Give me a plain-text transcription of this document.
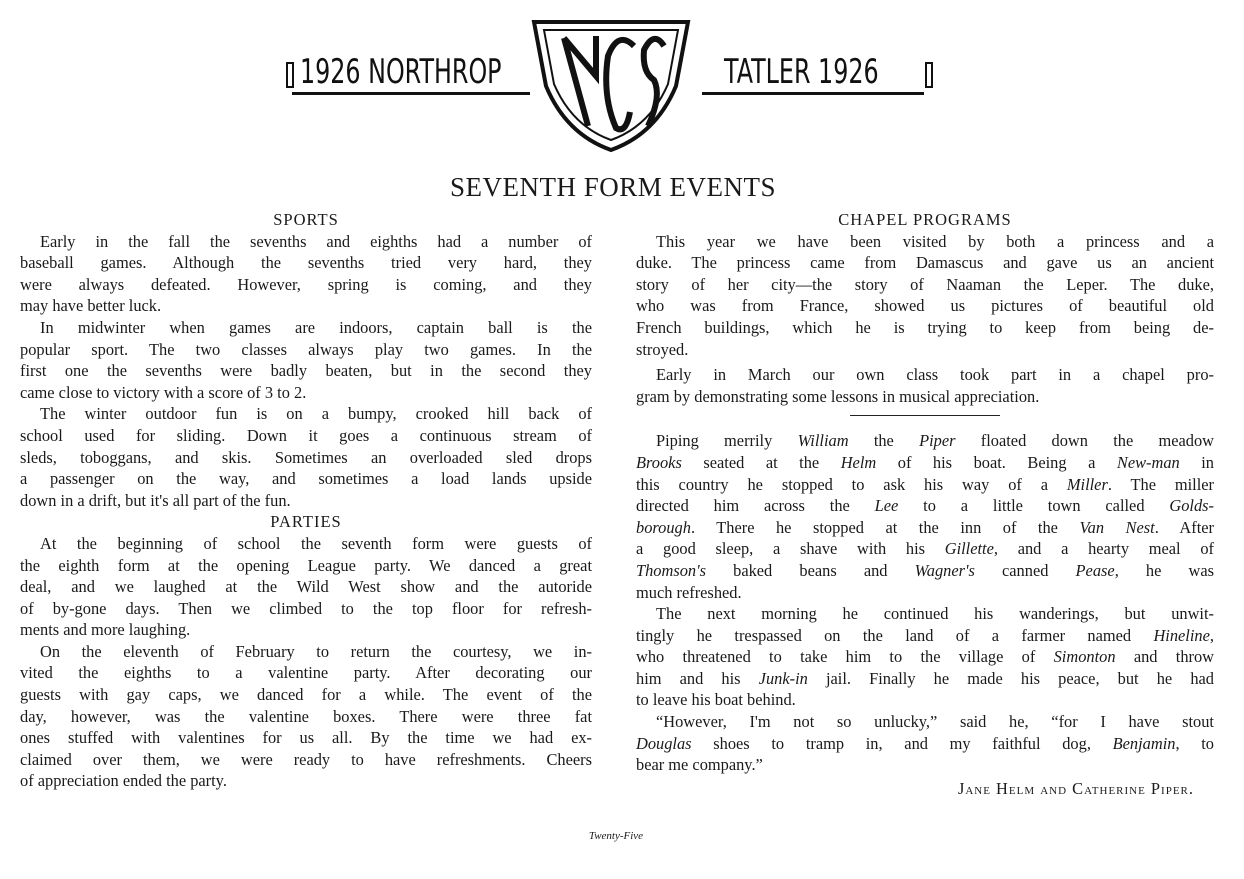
1926 NORTHROP	TATLER 1926
SEVENTH FORM EVENTS
SPORTS
Early in the fall the sevenths and eighths had a number of
baseball games. Although the sevenths tried very hard, they
were always defeated. However, spring is coming, and they
may have better luck.
In midwinter when games are indoors, captain ball is the
popular sport. The two classes always play two games. In the
first one the sevenths were badly beaten, but in the second they
came close to victory with a score of 3 to 2.
The winter outdoor fun is on a bumpy, crooked hill back of
school used for sliding. Down it goes a continuous stream of
sleds, toboggans, and skis. Sometimes an overloaded sled drops
a passenger on the way, and sometimes a load lands upside
down in a drift, but it's all part of the fun.
PARTIES
At the beginning of school the seventh form were guests of
the eighth form at the opening League party. We danced a great
deal, and we laughed at the Wild West show and the autoride
of by-gone days. Then we climbed to the top floor for refresh-
ments and more laughing.
On the eleventh of February to return the courtesy, we in-
vited the eighths to a valentine party. After decorating our
guests with gay caps, we danced for a while. The event of the
day, however, was the valentine boxes. There were three fat
ones stuffed with valentines for us all. By the time we had ex-
claimed over them, we were ready to have refreshments. Cheers
of appreciation ended the party.
CHAPEL PROGRAMS
This year we have been visited by both a princess and a
duke. The princess came from Damascus and gave us an ancient
story of her city—the story of Naaman the Leper. The duke,
who was from France, showed us pictures of beautiful old
French buildings, which he is trying to keep from being de-
stroyed.
Early in March our own class took part in a chapel pro-
gram by demonstrating some lessons in musical appreciation.
Piping merrily William the Piper floated down the meadow
Brooks seated at the Helm of his boat. Being a New-man in
this country he stopped to ask his way of a Miller. The miller
directed him across the Lee to a little town called Golds-
borough. There he stopped at the inn of the Van Nest. After
a good sleep, a shave with his Gillette, and a hearty meal of
Thomson's baked beans and Wagner's canned Pease, he was
much refreshed.
The next morning he continued his wanderings, but unwit-
tingly he trespassed on the land of a farmer named Hineline,
who threatened to take him to the village of Simonton and throw
him and his Junk-in jail. Finally he made his peace, but he had
to leave his boat behind.
“However, I'm not so unlucky,” said he, “for I have stout
Douglas shoes to tramp in, and my faithful dog, Benjamin, to
bear me company.”
Jane Helm and Catherine Piper.
Twenty-Five
